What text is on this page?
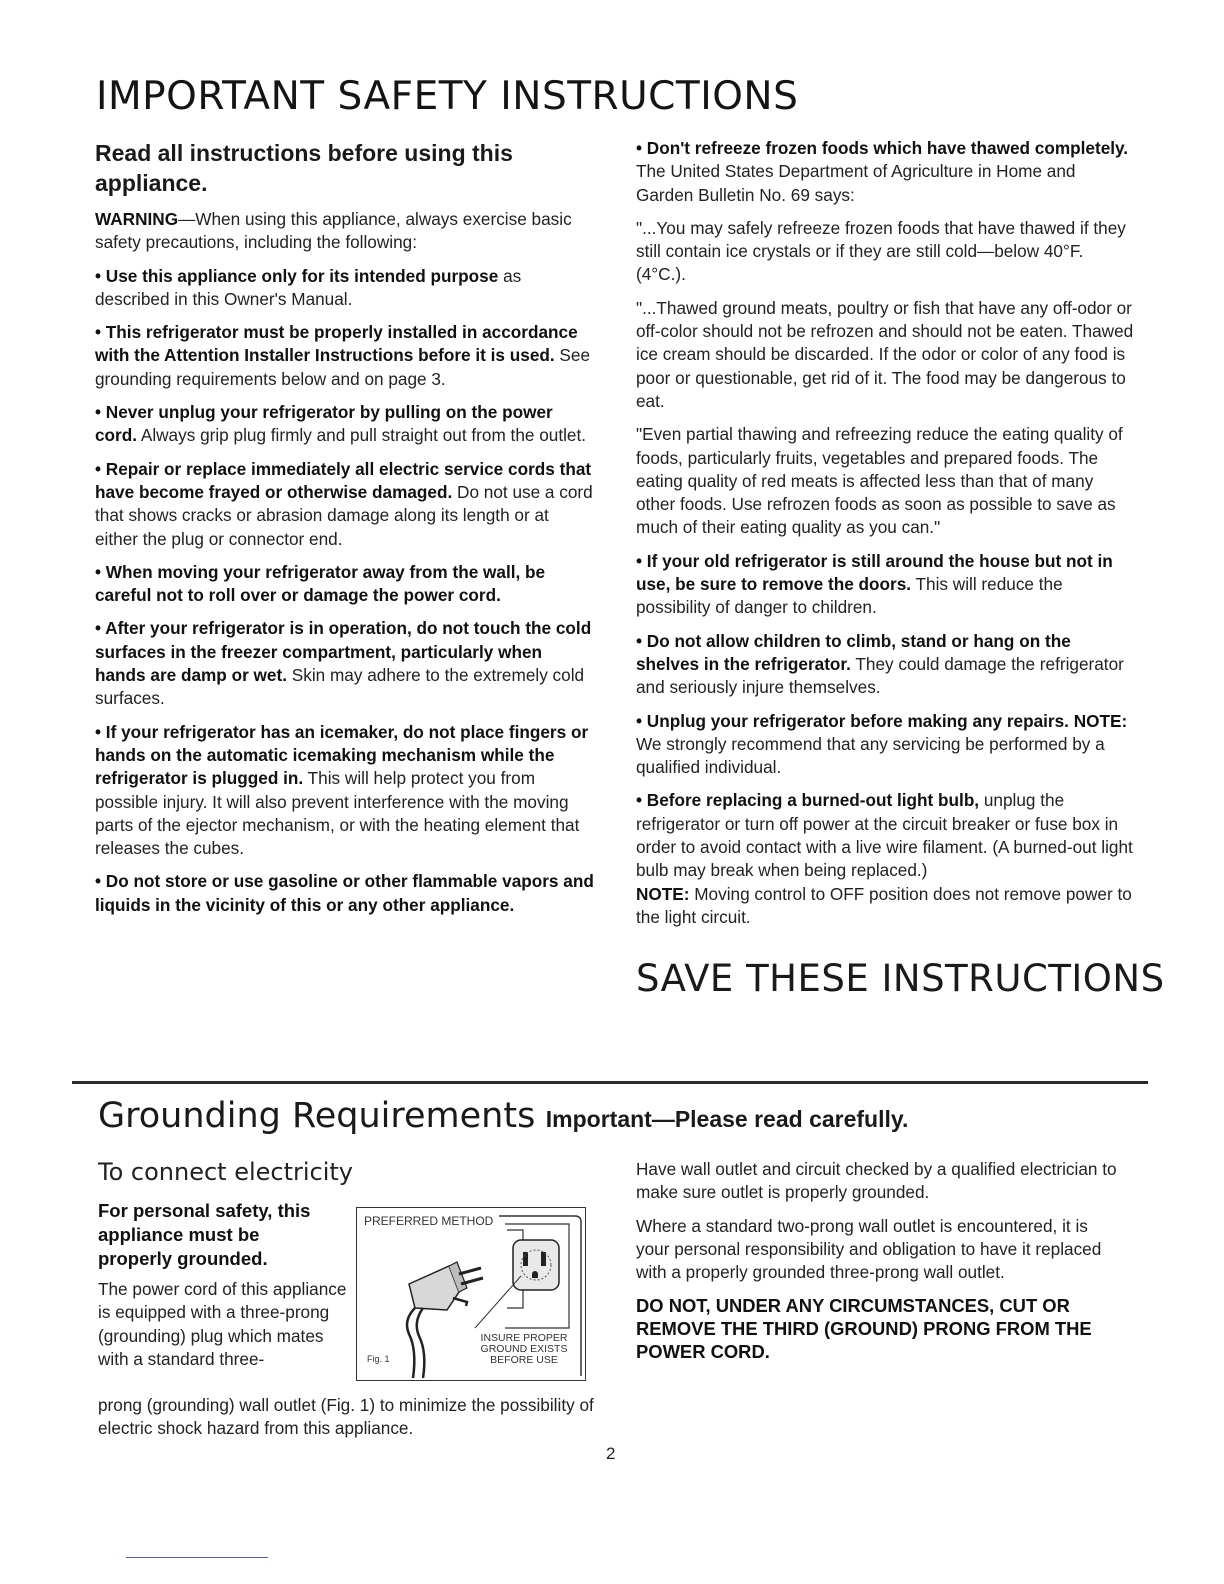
IMPORTANT SAFETY INSTRUCTIONS
Read all instructions before using this appliance.

WARNING—When using this appliance, always exercise basic safety precautions, including the following:

• Use this appliance only for its intended purpose as described in this Owner's Manual.

• This refrigerator must be properly installed in accordance with the Attention Installer Instructions before it is used. See grounding requirements below and on page 3.

• Never unplug your refrigerator by pulling on the power cord. Always grip plug firmly and pull straight out from the outlet.

• Repair or replace immediately all electric service cords that have become frayed or otherwise damaged. Do not use a cord that shows cracks or abrasion damage along its length or at either the plug or connector end.

• When moving your refrigerator away from the wall, be careful not to roll over or damage the power cord.

• After your refrigerator is in operation, do not touch the cold surfaces in the freezer compartment, particularly when hands are damp or wet. Skin may adhere to the extremely cold surfaces.

• If your refrigerator has an icemaker, do not place fingers or hands on the automatic icemaking mechanism while the refrigerator is plugged in. This will help protect you from possible injury. It will also prevent interference with the moving parts of the ejector mechanism, or with the heating element that releases the cubes.

• Do not store or use gasoline or other flammable vapors and liquids in the vicinity of this or any other appliance.

• Don't refreeze frozen foods which have thawed completely. The United States Department of Agriculture in Home and Garden Bulletin No. 69 says:

"...You may safely refreeze frozen foods that have thawed if they still contain ice crystals or if they are still cold—below 40°F. (4°C.).

"...Thawed ground meats, poultry or fish that have any off-odor or off-color should not be refrozen and should not be eaten. Thawed ice cream should be discarded. If the odor or color of any food is poor or questionable, get rid of it. The food may be dangerous to eat.

"Even partial thawing and refreezing reduce the eating quality of foods, particularly fruits, vegetables and prepared foods. The eating quality of red meats is affected less than that of many other foods. Use refrozen foods as soon as possible to save as much of their eating quality as you can."

• If your old refrigerator is still around the house but not in use, be sure to remove the doors. This will reduce the possibility of danger to children.

• Do not allow children to climb, stand or hang on the shelves in the refrigerator. They could damage the refrigerator and seriously injure themselves.

• Unplug your refrigerator before making any repairs. NOTE: We strongly recommend that any servicing be performed by a qualified individual.

• Before replacing a burned-out light bulb, unplug the refrigerator or turn off power at the circuit breaker or fuse box in order to avoid contact with a live wire filament. (A burned-out light bulb may break when being replaced.)
NOTE: Moving control to OFF position does not remove power to the light circuit.

SAVE THESE INSTRUCTIONS
Grounding Requirements Important—Please read carefully.
To connect electricity
For personal safety, this appliance must be properly grounded.
The power cord of this appliance is equipped with a three-prong (grounding) plug which mates with a standard three-
prong (grounding) wall outlet (Fig. 1) to minimize the possibility of electric shock hazard from this appliance.
PREFERRED METHOD
Fig. 1
INSURE PROPER GROUND EXISTS BEFORE USE

Have wall outlet and circuit checked by a qualified electrician to make sure outlet is properly grounded.

Where a standard two-prong wall outlet is encountered, it is your personal responsibility and obligation to have it replaced with a properly grounded three-prong wall outlet.

DO NOT, UNDER ANY CIRCUMSTANCES, CUT OR REMOVE THE THIRD (GROUND) PRONG FROM THE POWER CORD.

2
